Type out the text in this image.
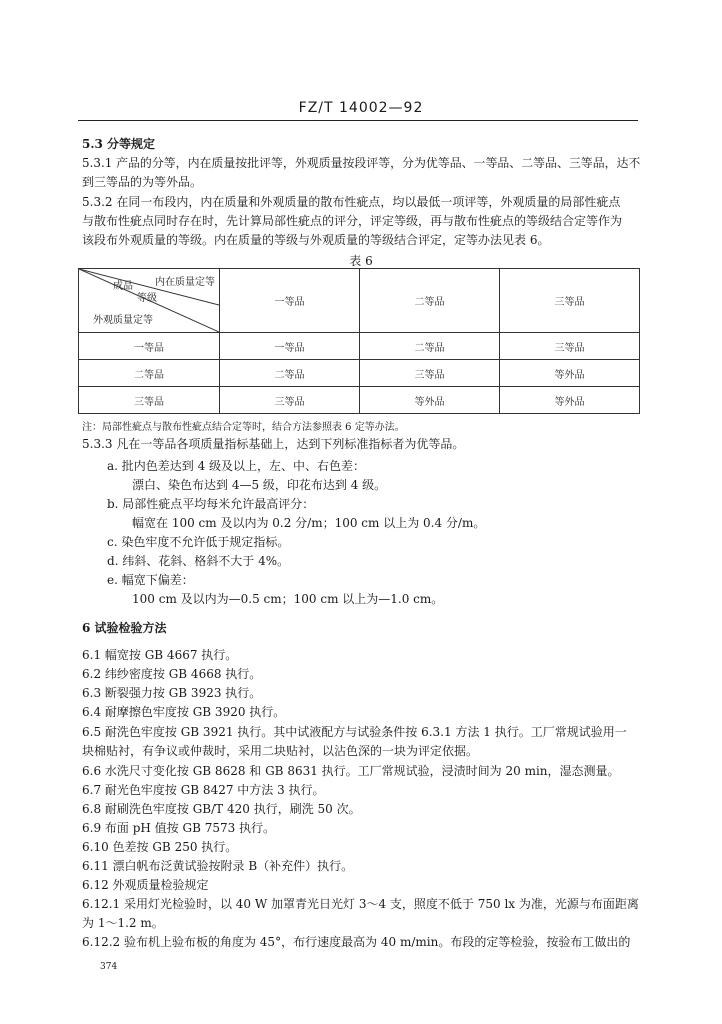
FZ/T 14002—92
5.3 分等规定
5.3.1 产品的分等，内在质量按批评等，外观质量按段评等，分为优等品、一等品、二等品、三等品，达不
到三等品的为等外品。
5.3.2 在同一布段内，内在质量和外观质量的散布性疵点，均以最低一项评等，外观质量的局部性疵点
与散布性疵点同时存在时，先计算局部性疵点的评分，评定等级，再与散布性疵点的等级结合定等作为
该段布外观质量的等级。内在质量的等级与外观质量的等级结合评定，定等办法见表 6。
表 6
内在质量定等
成品
等级
外观质量定等	一等品	二等品	三等品
一等品	一等品	二等品	三等品
二等品	二等品	三等品	等外品
三等品	三等品	等外品	等外品
注：局部性疵点与散布性疵点结合定等时，结合方法参照表 6 定等办法。
5.3.3 凡在一等品各项质量指标基础上，达到下列标准指标者为优等品。
a. 批内色差达到 4 级及以上，左、中、右色差：
漂白、染色布达到 4—5 级，印花布达到 4 级。
b. 局部性疵点平均每米允许最高评分：
幅宽在 100 cm 及以内为 0.2 分/m；100 cm 以上为 0.4 分/m。
c. 染色牢度不允许低于规定指标。
d. 纬斜、花斜、格斜不大于 4%。
e. 幅宽下偏差：
100 cm 及以内为—0.5 cm；100 cm 以上为—1.0 cm。
6 试验检验方法
6.1 幅宽按 GB 4667 执行。
6.2 纬纱密度按 GB 4668 执行。
6.3 断裂强力按 GB 3923 执行。
6.4 耐摩擦色牢度按 GB 3920 执行。
6.5 耐洗色牢度按 GB 3921 执行。其中试液配方与试验条件按 6.3.1 方法 1 执行。工厂常规试验用一
块棉贴衬，有争议或仲裁时，采用二块贴衬，以沾色深的一块为评定依据。
6.6 水洗尺寸变化按 GB 8628 和 GB 8631 执行。工厂常规试验，浸渍时间为 20 min，湿态测量。
6.7 耐光色牢度按 GB 8427 中方法 3 执行。
6.8 耐刷洗色牢度按 GB/T 420 执行，刷洗 50 次。
6.9 布面 pH 值按 GB 7573 执行。
6.10 色差按 GB 250 执行。
6.11 漂白帆布泛黄试验按附录 B（补充件）执行。
6.12 外观质量检验规定
6.12.1 采用灯光检验时，以 40 W 加罩青光日光灯 3～4 支，照度不低于 750 lx 为准，光源与布面距离
为 1～1.2 m。
6.12.2 验布机上验布板的角度为 45°，布行速度最高为 40 m/min。布段的定等检验，按验布工做出的
374
